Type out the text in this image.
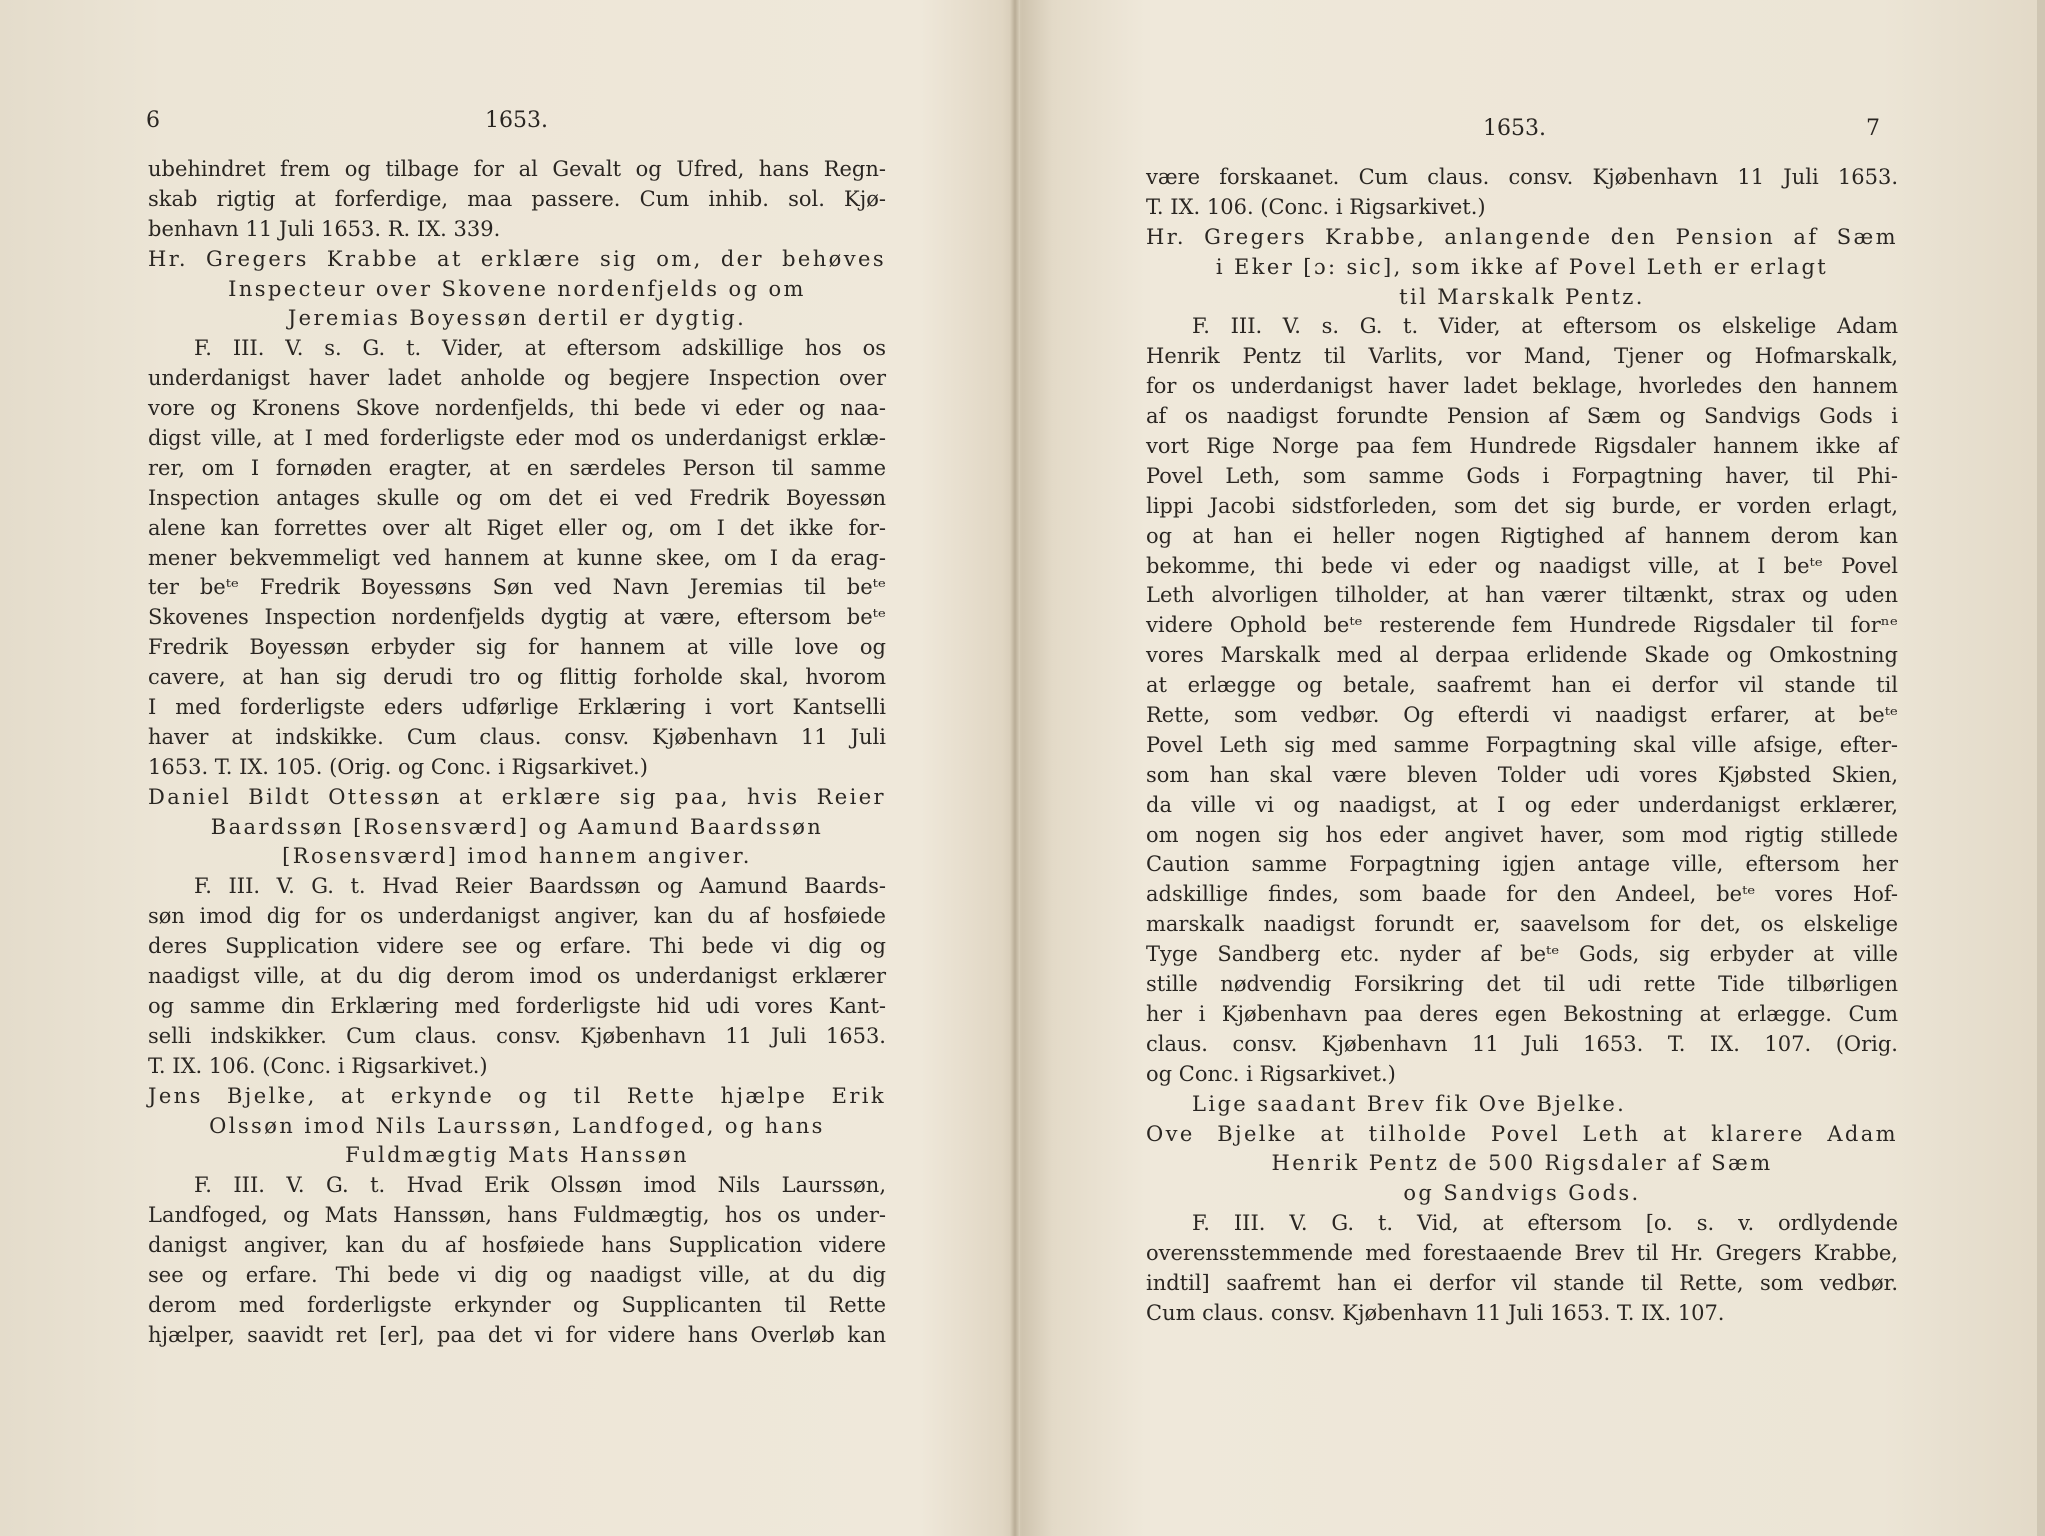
6	1653.
ubehindret frem og tilbage for al Gevalt og Ufred, hans Regn-
skab rigtig at forferdige, maa passere. Cum inhib. sol. Kjø-
benhavn 11 Juli 1653. R. IX. 339.
Hr. Gregers Krabbe at erklære sig om, der behøves
Inspecteur over Skovene nordenfjelds og om
Jeremias Boyessøn dertil er dygtig.
F. III. V. s. G. t. Vider, at eftersom adskillige hos os
underdanigst haver ladet anholde og begjere Inspection over
vore og Kronens Skove nordenfjelds, thi bede vi eder og naa-
digst ville, at I med forderligste eder mod os underdanigst erklæ-
rer, om I fornøden eragter, at en særdeles Person til samme
Inspection antages skulle og om det ei ved Fredrik Boyessøn
alene kan forrettes over alt Riget eller og, om I det ikke for-
mener bekvemmeligt ved hannem at kunne skee, om I da erag-
ter beᵗᵉ Fredrik Boyessøns Søn ved Navn Jeremias til beᵗᵉ
Skovenes Inspection nordenfjelds dygtig at være, eftersom beᵗᵉ
Fredrik Boyessøn erbyder sig for hannem at ville love og
cavere, at han sig derudi tro og flittig forholde skal, hvorom
I med forderligste eders udførlige Erklæring i vort Kantselli
haver at indskikke. Cum claus. consv. Kjøbenhavn 11 Juli
1653. T. IX. 105. (Orig. og Conc. i Rigsarkivet.)
Daniel Bildt Ottessøn at erklære sig paa, hvis Reier
Baardssøn [Rosensværd] og Aamund Baardssøn
[Rosensværd] imod hannem angiver.
F. III. V. G. t. Hvad Reier Baardssøn og Aamund Baards-
søn imod dig for os underdanigst angiver, kan du af hosføiede
deres Supplication videre see og erfare. Thi bede vi dig og
naadigst ville, at du dig derom imod os underdanigst erklærer
og samme din Erklæring med forderligste hid udi vores Kant-
selli indskikker. Cum claus. consv. Kjøbenhavn 11 Juli 1653.
T. IX. 106. (Conc. i Rigsarkivet.)
Jens Bjelke, at erkynde og til Rette hjælpe Erik
Olssøn imod Nils Laurssøn, Landfoged, og hans
Fuldmægtig Mats Hanssøn
F. III. V. G. t. Hvad Erik Olssøn imod Nils Laurssøn,
Landfoged, og Mats Hanssøn, hans Fuldmægtig, hos os under-
danigst angiver, kan du af hosføiede hans Supplication videre
see og erfare. Thi bede vi dig og naadigst ville, at du dig
derom med forderligste erkynder og Supplicanten til Rette
hjælper, saavidt ret [er], paa det vi for videre hans Overløb kan
1653.	7
være forskaanet. Cum claus. consv. Kjøbenhavn 11 Juli 1653.
T. IX. 106. (Conc. i Rigsarkivet.)
Hr. Gregers Krabbe, anlangende den Pension af Sæm
i Eker [ɔ: sic], som ikke af Povel Leth er erlagt
til Marskalk Pentz.
F. III. V. s. G. t. Vider, at eftersom os elskelige Adam
Henrik Pentz til Varlits, vor Mand, Tjener og Hofmarskalk,
for os underdanigst haver ladet beklage, hvorledes den hannem
af os naadigst forundte Pension af Sæm og Sandvigs Gods i
vort Rige Norge paa fem Hundrede Rigsdaler hannem ikke af
Povel Leth, som samme Gods i Forpagtning haver, til Phi-
lippi Jacobi sidstforleden, som det sig burde, er vorden erlagt,
og at han ei heller nogen Rigtighed af hannem derom kan
bekomme, thi bede vi eder og naadigst ville, at I beᵗᵉ Povel
Leth alvorligen tilholder, at han værer tiltænkt, strax og uden
videre Ophold beᵗᵉ resterende fem Hundrede Rigsdaler til forⁿᵉ
vores Marskalk med al derpaa erlidende Skade og Omkostning
at erlægge og betale, saafremt han ei derfor vil stande til
Rette, som vedbør. Og efterdi vi naadigst erfarer, at beᵗᵉ
Povel Leth sig med samme Forpagtning skal ville afsige, efter-
som han skal være bleven Tolder udi vores Kjøbsted Skien,
da ville vi og naadigst, at I og eder underdanigst erklærer,
om nogen sig hos eder angivet haver, som mod rigtig stillede
Caution samme Forpagtning igjen antage ville, eftersom her
adskillige findes, som baade for den Andeel, beᵗᵉ vores Hof-
marskalk naadigst forundt er, saavelsom for det, os elskelige
Tyge Sandberg etc. nyder af beᵗᵉ Gods, sig erbyder at ville
stille nødvendig Forsikring det til udi rette Tide tilbørligen
her i Kjøbenhavn paa deres egen Bekostning at erlægge. Cum
claus. consv. Kjøbenhavn 11 Juli 1653. T. IX. 107. (Orig.
og Conc. i Rigsarkivet.)
Lige saadant Brev fik Ove Bjelke.
Ove Bjelke at tilholde Povel Leth at klarere Adam
Henrik Pentz de 500 Rigsdaler af Sæm
og Sandvigs Gods.
F. III. V. G. t. Vid, at eftersom [o. s. v. ordlydende
overensstemmende med forestaaende Brev til Hr. Gregers Krabbe,
indtil] saafremt han ei derfor vil stande til Rette, som vedbør.
Cum claus. consv. Kjøbenhavn 11 Juli 1653. T. IX. 107.
